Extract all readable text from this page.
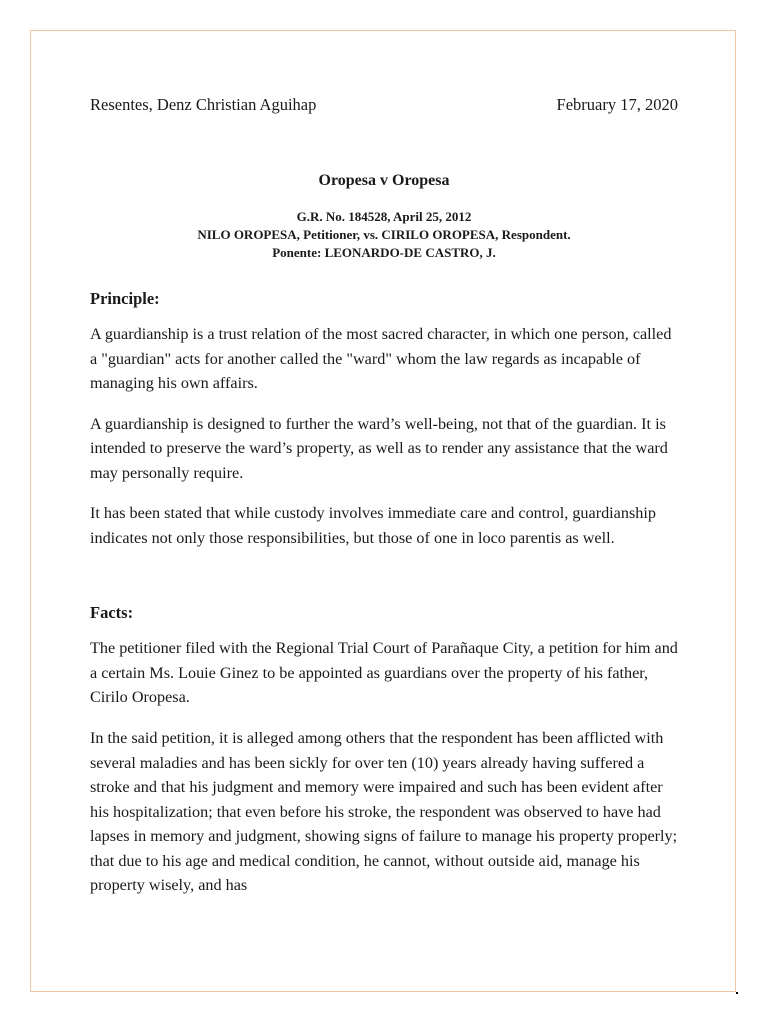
Resentes, Denz Christian Aguihap	February 17, 2020
Oropesa v Oropesa
G.R. No. 184528, April 25, 2012
NILO OROPESA, Petitioner, vs. CIRILO OROPESA, Respondent.
Ponente: LEONARDO-DE CASTRO, J.
Principle:

A guardianship is a trust relation of the most sacred character, in which one person, called a "guardian" acts for another called the "ward" whom the law regards as incapable of managing his own affairs.

A guardianship is designed to further the ward’s well-being, not that of the guardian. It is intended to preserve the ward’s property, as well as to render any assistance that the ward may personally require.

It has been stated that while custody involves immediate care and control, guardianship indicates not only those responsibilities, but those of one in loco parentis as well.

Facts:

The petitioner filed with the Regional Trial Court of Parañaque City, a petition for him and a certain Ms. Louie Ginez to be appointed as guardians over the property of his father, Cirilo Oropesa.

In the said petition, it is alleged among others that the respondent has been afflicted with several maladies and has been sickly for over ten (10) years already having suffered a stroke and that his judgment and memory were impaired and such has been evident after his hospitalization; that even before his stroke, the respondent was observed to have had lapses in memory and judgment, showing signs of failure to manage his property properly; that due to his age and medical condition, he cannot, without outside aid, manage his property wisely, and has
